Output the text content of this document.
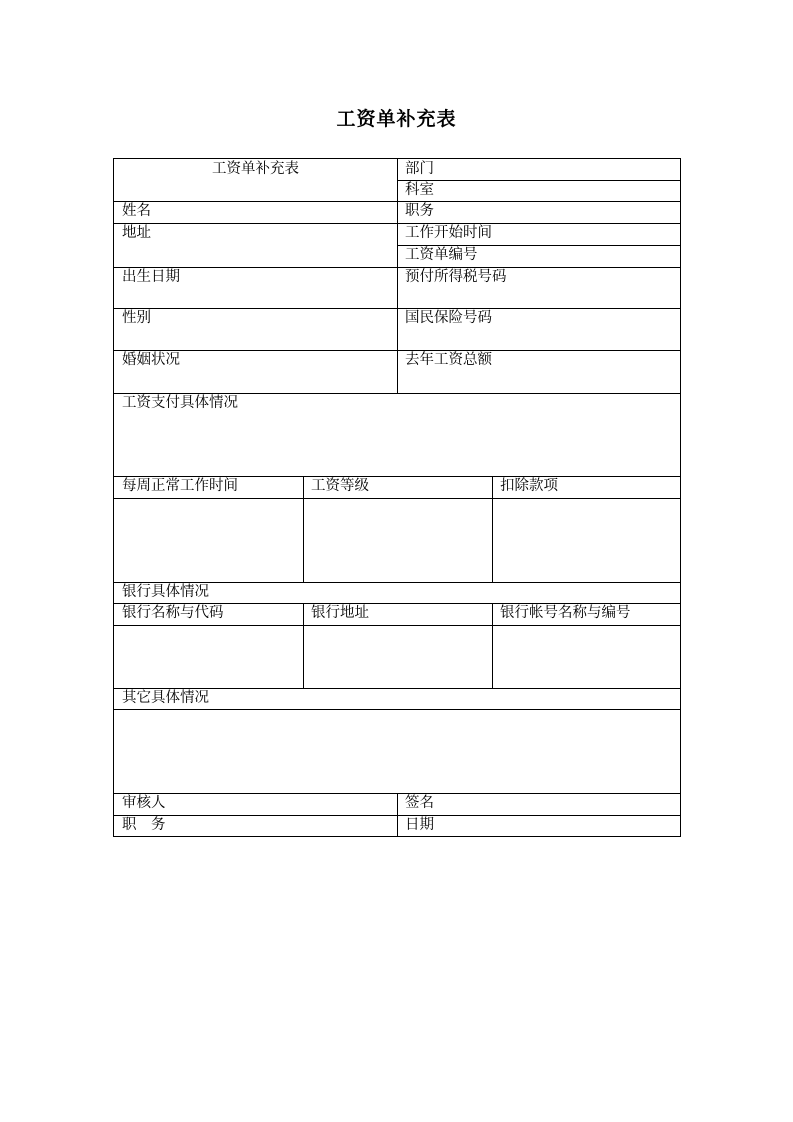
工资单补充表
工资单补充表	部门
科室
姓名	职务
地址	工作开始时间
工资单编号
出生日期	预付所得税号码
性别	国民保险号码
婚姻状况	去年工资总额
工资支付具体情况
每周正常工作时间	工资等级	扣除款项
银行具体情况
银行名称与代码	银行地址	银行帐号名称与编号
其它具体情况
审核人	签名
职　务	日期
